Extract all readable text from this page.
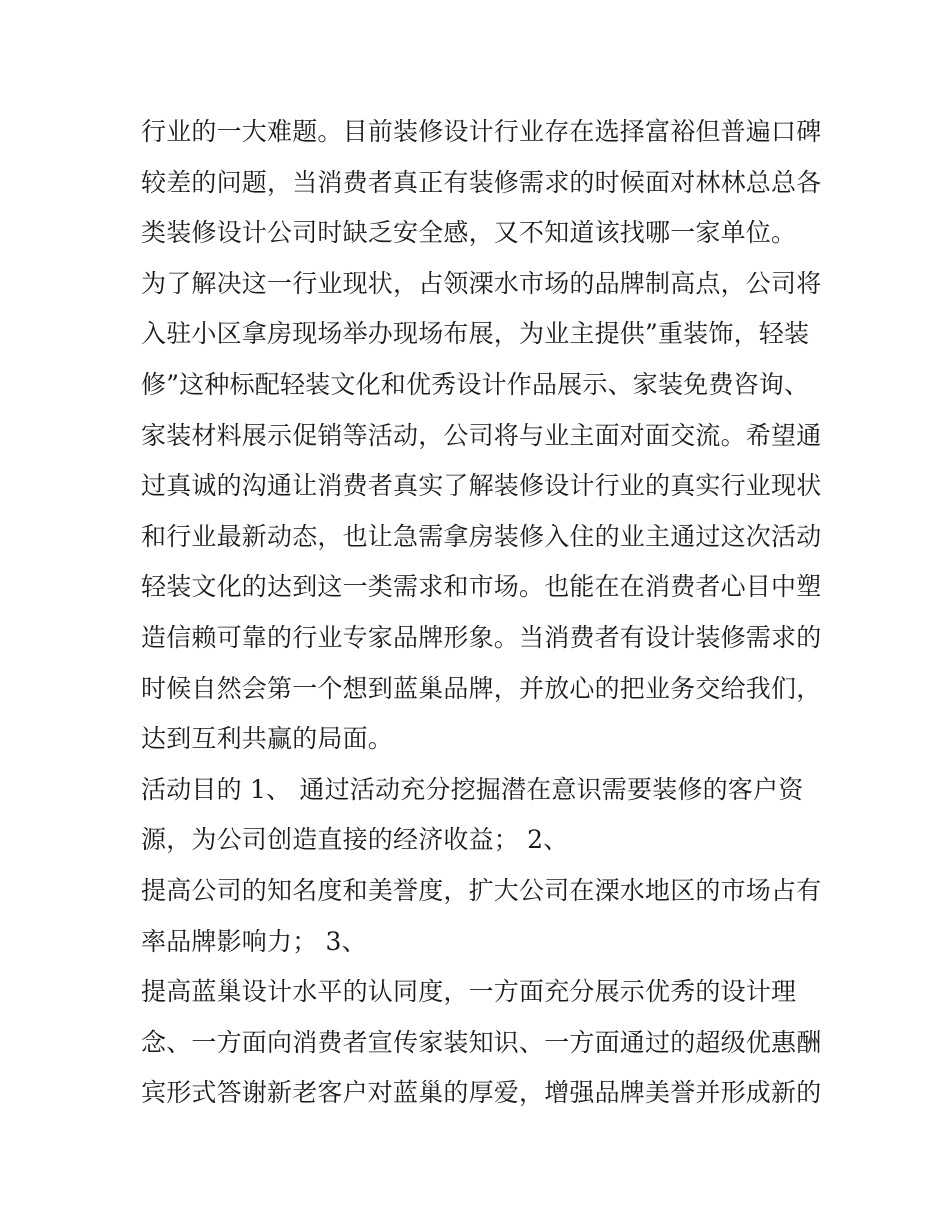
行业的一大难题。目前装修设计行业存在选择富裕但普遍口碑
较差的问题，当消费者真正有装修需求的时候面对林林总总各
类装修设计公司时缺乏安全感，又不知道该找哪一家单位。
为了解决这一行业现状，占领溧水市场的品牌制高点，公司将
入驻小区拿房现场举办现场布展，为业主提供”重装饰，轻装
修”这种标配轻装文化和优秀设计作品展示、家装免费咨询、
家装材料展示促销等活动，公司将与业主面对面交流。希望通
过真诚的沟通让消费者真实了解装修设计行业的真实行业现状
和行业最新动态，也让急需拿房装修入住的业主通过这次活动
轻装文化的达到这一类需求和市场。也能在在消费者心目中塑
造信赖可靠的行业专家品牌形象。当消费者有设计装修需求的
时候自然会第一个想到蓝巢品牌，并放心的把业务交给我们，
达到互利共赢的局面。
活动目的 1、 通过活动充分挖掘潜在意识需要装修的客户资
源，为公司创造直接的经济收益； 2、
提高公司的知名度和美誉度，扩大公司在溧水地区的市场占有
率品牌影响力； 3、
提高蓝巢设计水平的认同度，一方面充分展示优秀的设计理
念、一方面向消费者宣传家装知识、一方面通过的超级优惠酬
宾形式答谢新老客户对蓝巢的厚爱，增强品牌美誉并形成新的
